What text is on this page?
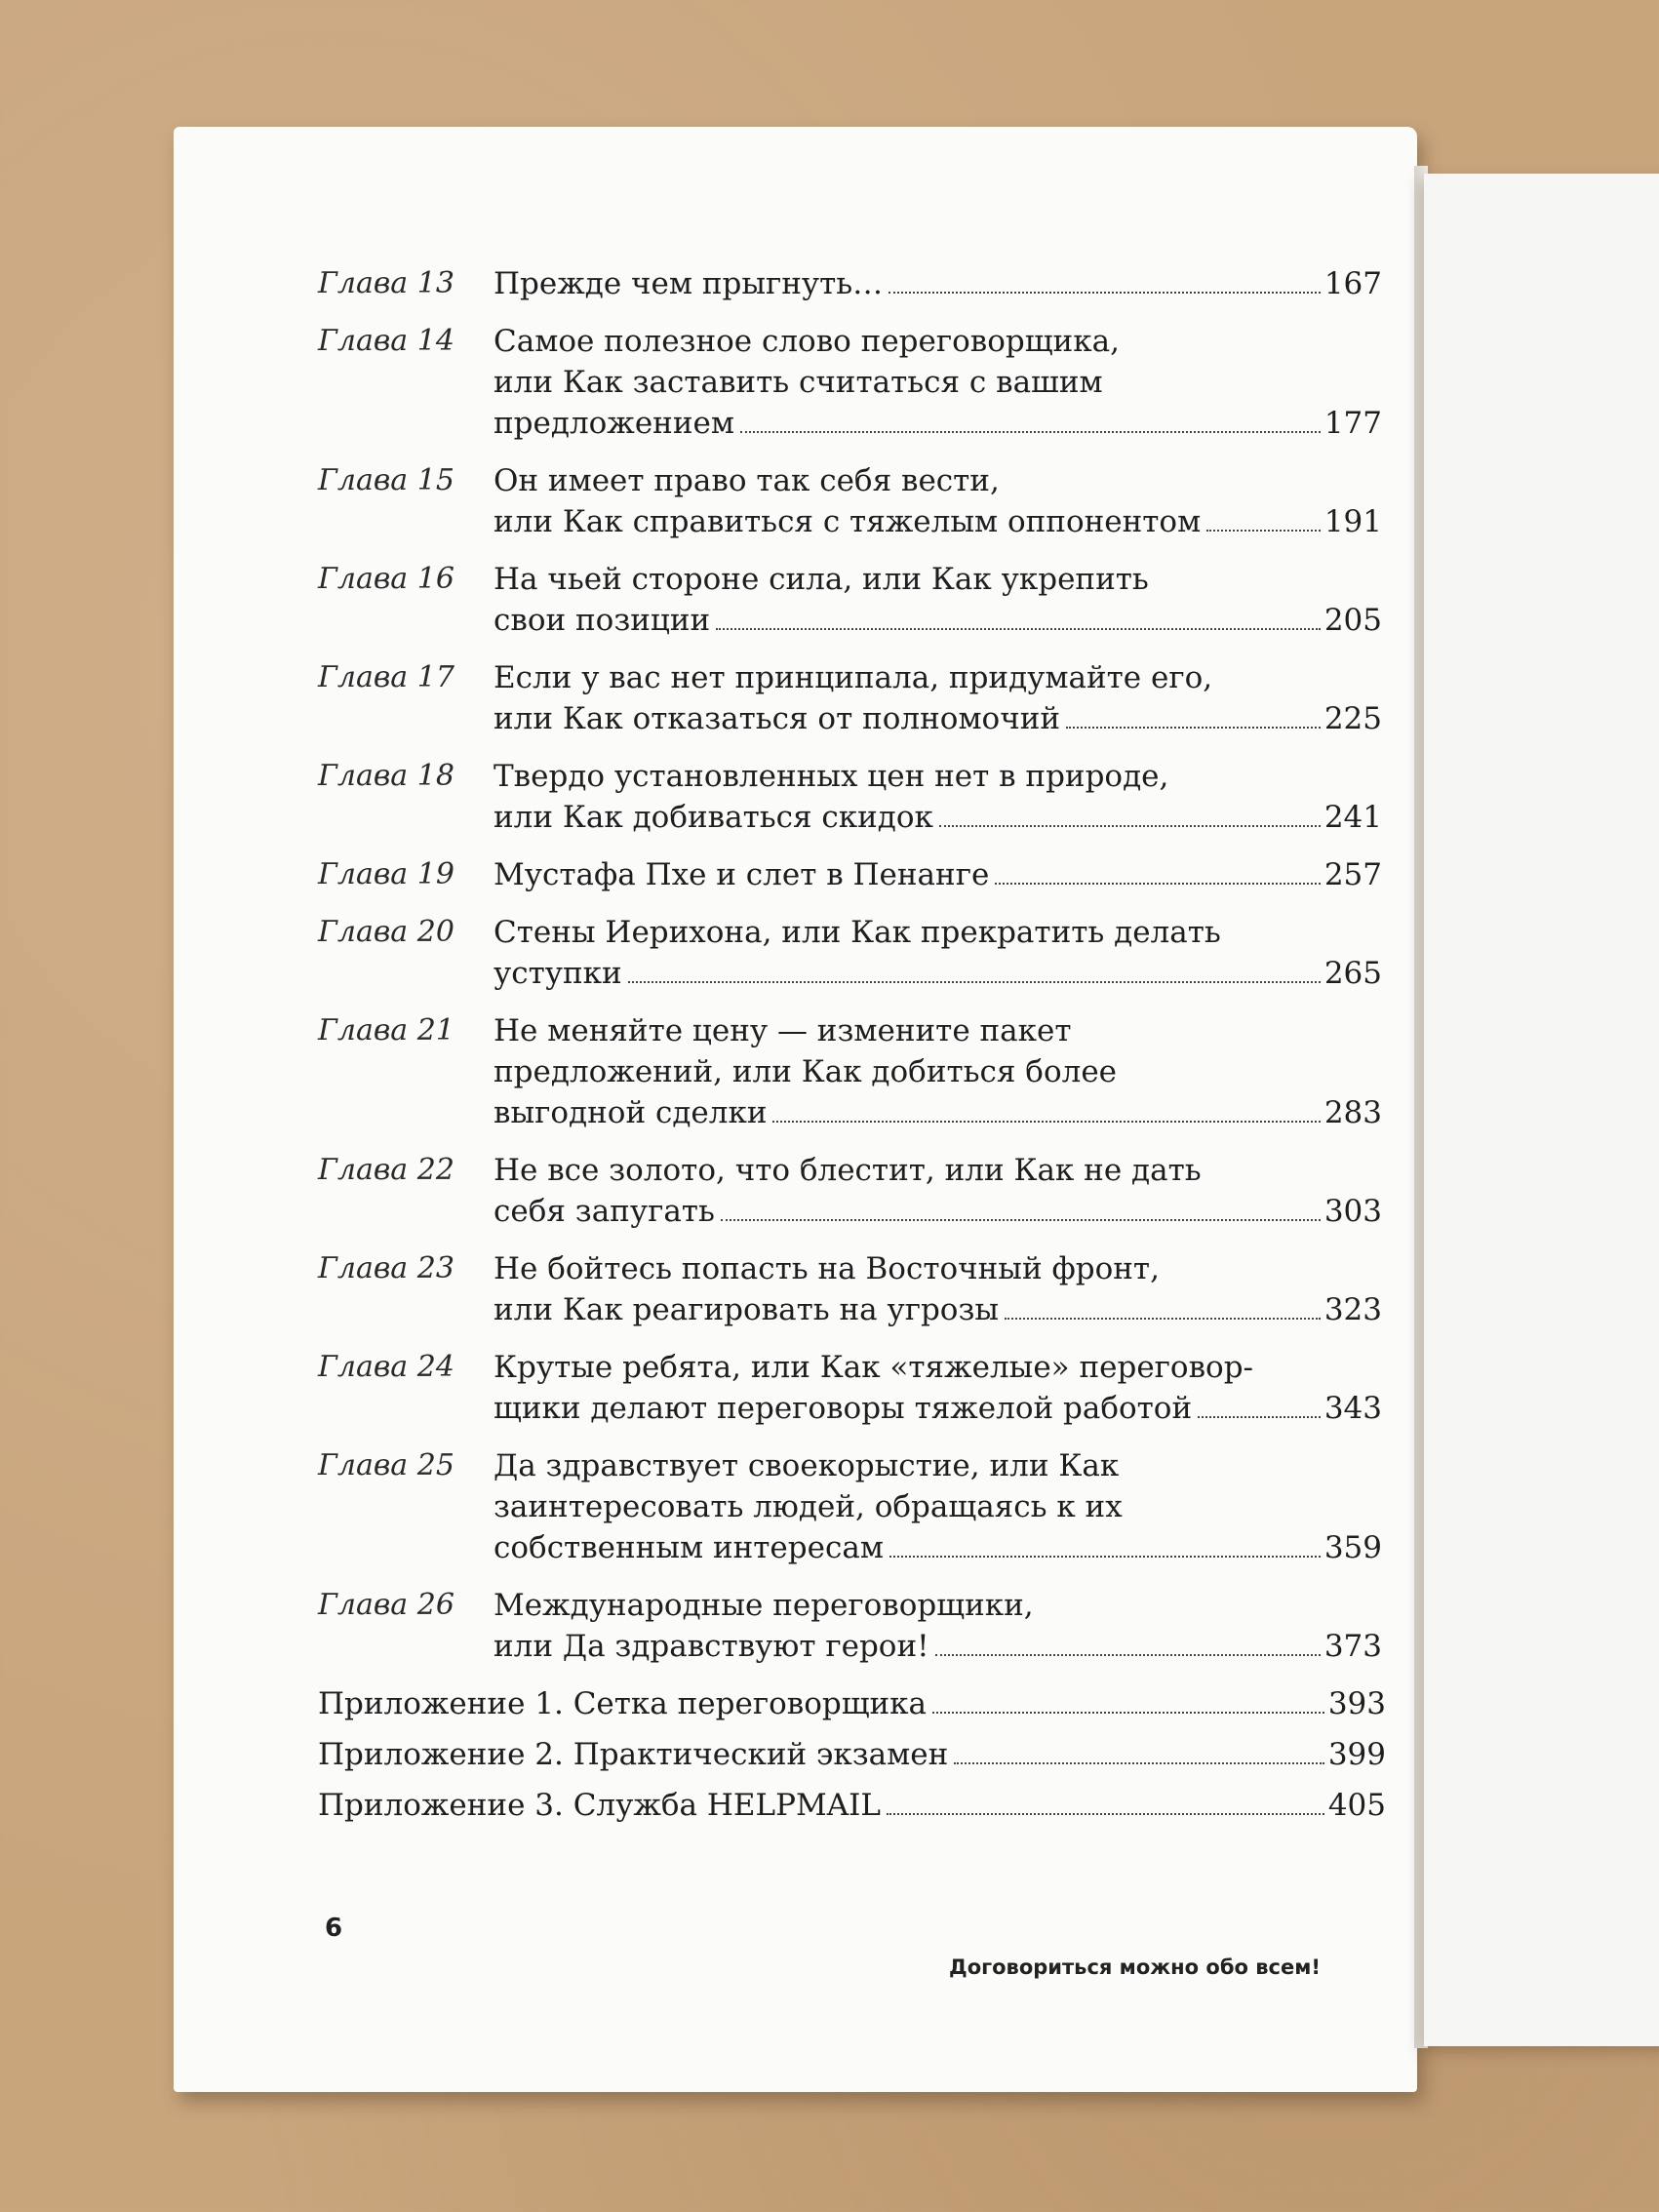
Глава 13	Прежде чем прыгнуть…	167
Глава 14	Самое полезное слово переговорщика,
или Как заставить считаться с вашим
предложением	177
Глава 15	Он имеет право так себя вести,
или Как справиться с тяжелым оппонентом	191
Глава 16	На чьей стороне сила, или Как укрепить
свои позиции	205
Глава 17	Если у вас нет принципала, придумайте его,
или Как отказаться от полномочий	225
Глава 18	Твердо установленных цен нет в природе,
или Как добиваться скидок	241
Глава 19	Мустафа Пхе и слет в Пенанге	257
Глава 20	Стены Иерихона, или Как прекратить делать
уступки	265
Глава 21	Не меняйте цену — измените пакет
предложений, или Как добиться более
выгодной сделки	283
Глава 22	Не все золото, что блестит, или Как не дать
себя запугать	303
Глава 23	Не бойтесь попасть на Восточный фронт,
или Как реагировать на угрозы	323
Глава 24	Крутые ребята, или Как «тяжелые» переговор-
щики делают переговоры тяжелой работой	343
Глава 25	Да здравствует своекорыстие, или Как
заинтересовать людей, обращаясь к их
собственным интересам	359
Глава 26	Международные переговорщики,
или Да здравствуют герои!	373
Приложение 1. Сетка переговорщика	393
Приложение 2. Практический экзамен	399
Приложение 3. Служба HELPMAIL	405
6
Договориться можно обо всем!
